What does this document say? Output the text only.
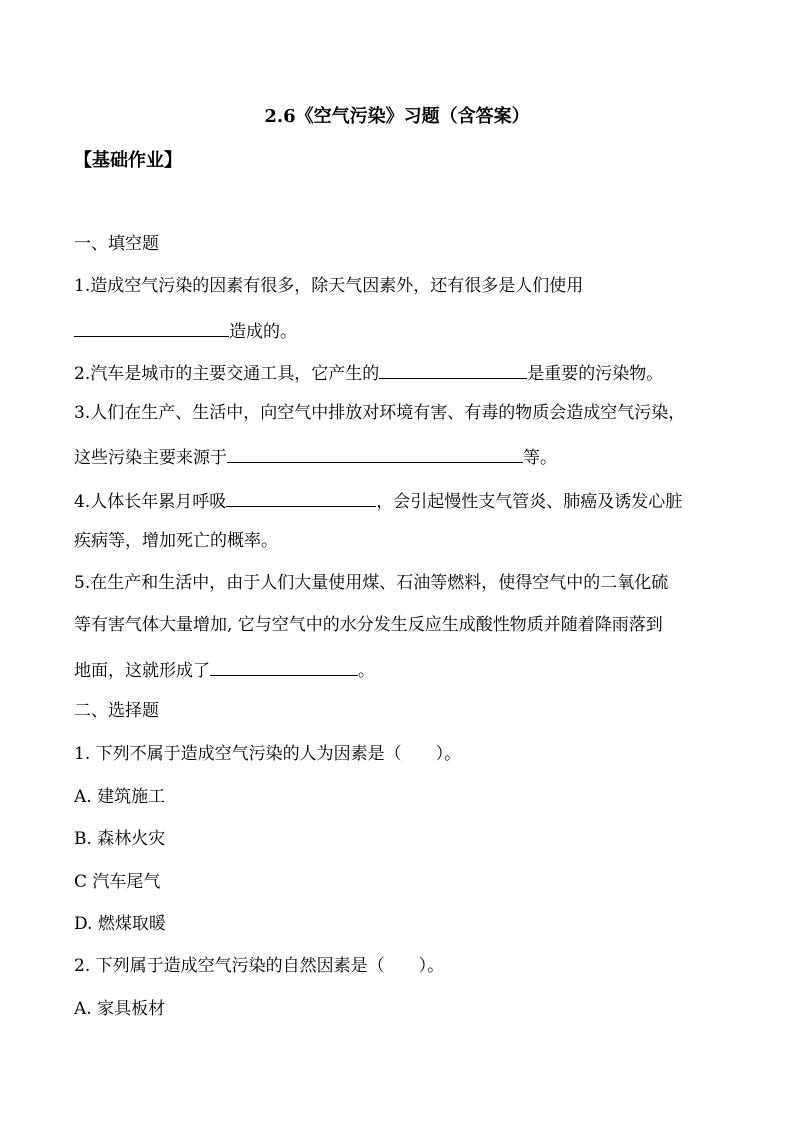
2.6《空气污染》习题（含答案）
【基础作业】
一、填空题
1.造成空气污染的因素有很多，除天气因素外，还有很多是人们使用
造成的。
2.汽车是城市的主要交通工具，它产生的	是重要的污染物。
3.人们在生产、生活中，向空气中排放对环境有害、有毒的物质会造成空气污染，
这些污染主要来源于	等。
4.人体长年累月呼吸	，会引起慢性支气管炎、肺癌及诱发心脏
疾病等，增加死亡的概率。
5.在生产和生活中，由于人们大量使用煤、石油等燃料，使得空气中的二氧化硫
等有害气体大量增加, 它与空气中的水分发生反应生成酸性物质并随着降雨落到
地面，这就形成了	。
二、选择题
1. 下列不属于造成空气污染的人为因素是（　　）。
A. 建筑施工
B. 森林火灾
C 汽车尾气
D. 燃煤取暖
2. 下列属于造成空气污染的自然因素是（　　）。
A. 家具板材
